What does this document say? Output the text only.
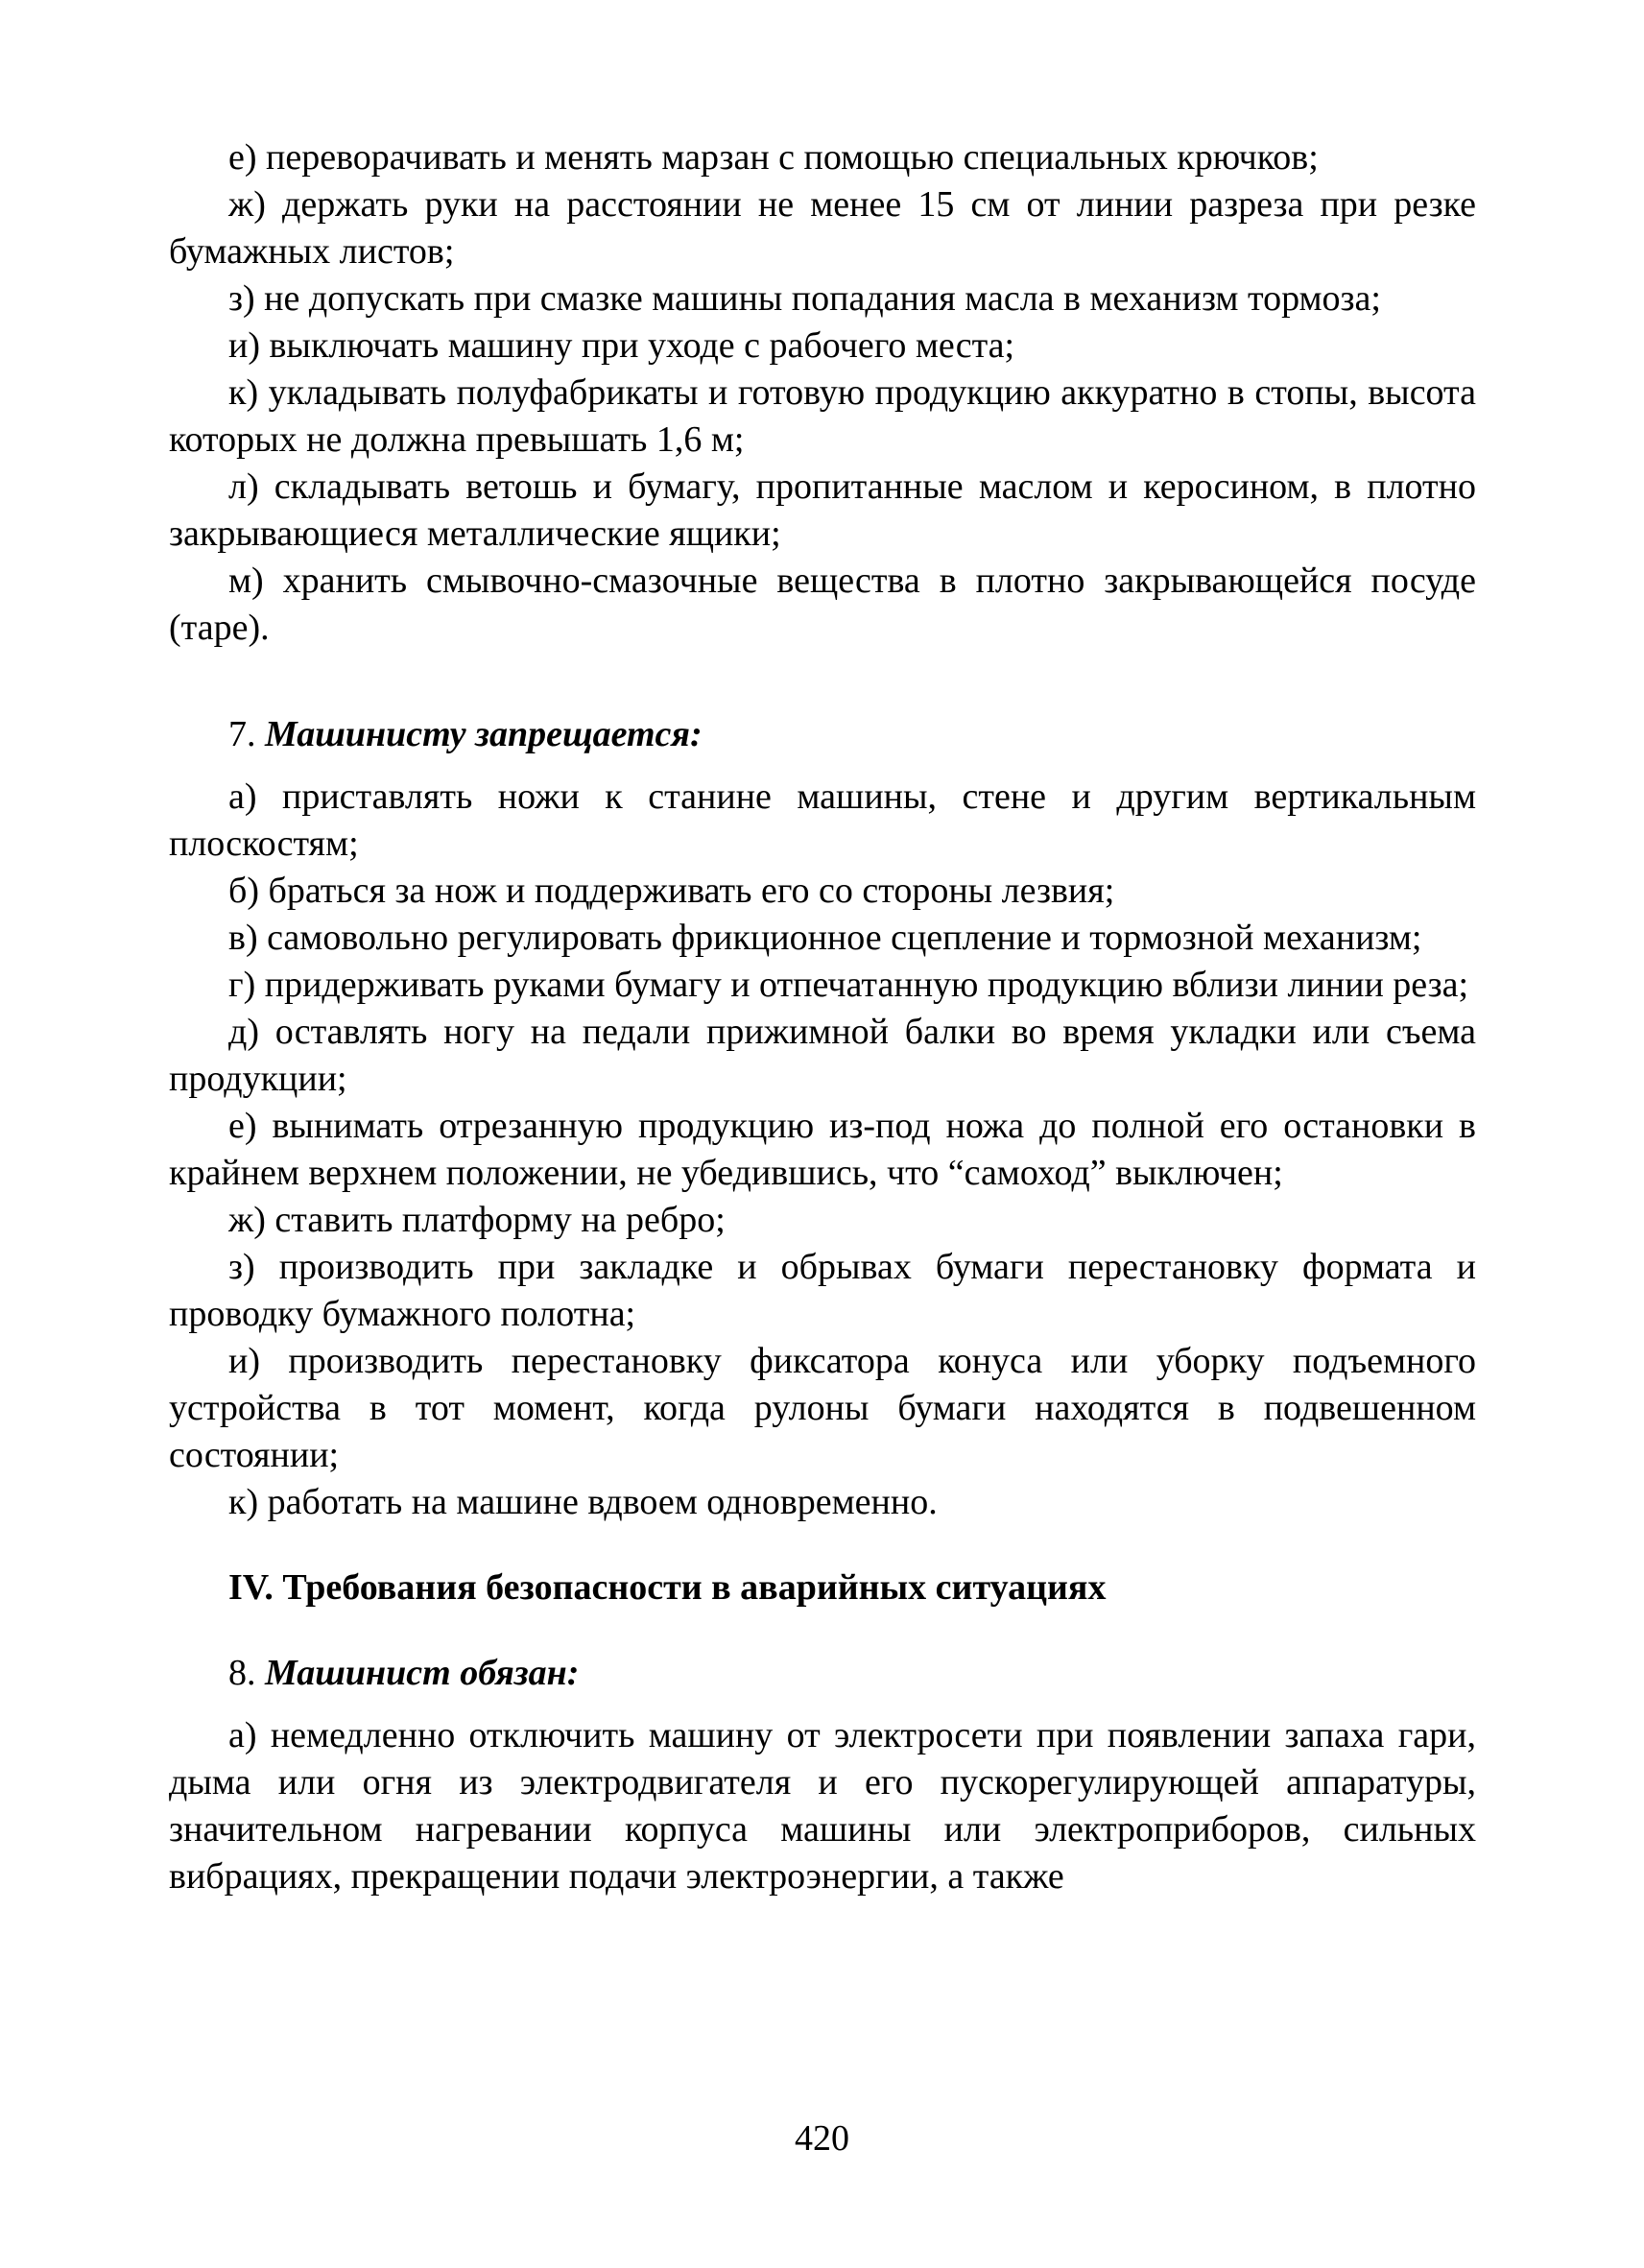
е) переворачивать и менять марзан с помощью специальных крючков;

ж) держать руки на расстоянии не менее 15 см от линии разреза при резке бумажных листов;

з) не допускать при смазке машины попадания масла в механизм тормоза;

и) выключать машину при уходе с рабочего места;

к) укладывать полуфабрикаты и готовую продукцию аккуратно в стопы, высота которых не должна превышать 1,6 м;

л) складывать ветошь и бумагу, пропитанные маслом и керосином, в плотно закрывающиеся металлические ящики;

м) хранить смывочно-смазочные вещества в плотно закрывающейся посуде (таре).

7. Машинисту запрещается:

а) приставлять ножи к станине машины, стене и другим вертикальным плоскостям;

б) браться за нож и поддерживать его со стороны лезвия;

в) самовольно регулировать фрикционное сцепление и тормозной механизм;

г) придерживать руками бумагу и отпечатанную продукцию вблизи линии реза;

д) оставлять ногу на педали прижимной балки во время укладки или съема продукции;

е) вынимать отрезанную продукцию из-под ножа до полной его остановки в крайнем верхнем положении, не убедившись, что “самоход” выключен;

ж) ставить платформу на ребро;

з) производить при закладке и обрывах бумаги перестановку формата и проводку бумажного полотна;

и) производить перестановку фиксатора конуса или уборку подъемного устройства в тот момент, когда рулоны бумаги находятся в подвешенном состоянии;

к) работать на машине вдвоем одновременно.

IV. Требования безопасности в аварийных ситуациях

8. Машинист обязан:

а) немедленно отключить машину от электросети при появлении запаха гари, дыма или огня из электродвигателя и его пускорегулирующей аппаратуры, значительном нагревании корпуса машины или электроприборов, сильных вибрациях, прекращении подачи электроэнергии, а также

420
